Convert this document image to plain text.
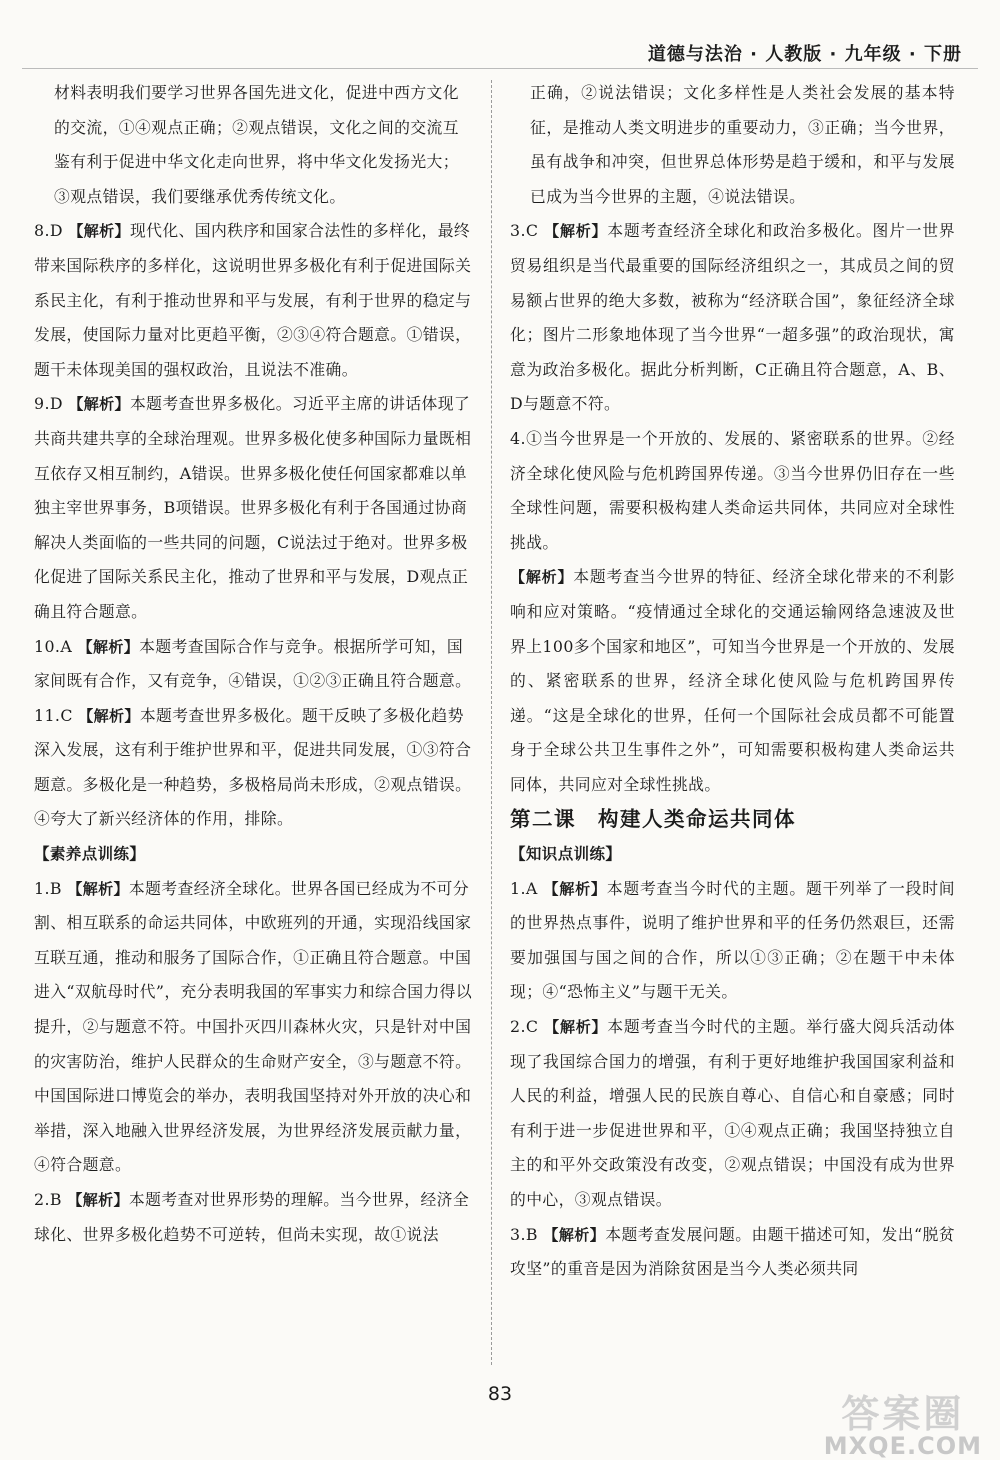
道德与法治 · 人教版 · 九年级 · 下册

材料表明我们要学习世界各国先进文化，促进中西方文化的交流，①④观点正确；②观点错误，文化之间的交流互鉴有利于促进中华文化走向世界，将中华文化发扬光大；③观点错误，我们要继承优秀传统文化。

8.D 【解析】现代化、国内秩序和国家合法性的多样化，最终带来国际秩序的多样化，这说明世界多极化有利于促进国际关系民主化，有利于推动世界和平与发展，有利于世界的稳定与发展，使国际力量对比更趋平衡，②③④符合题意。①错误，题干未体现美国的强权政治，且说法不准确。

9.D 【解析】本题考查世界多极化。习近平主席的讲话体现了共商共建共享的全球治理观。世界多极化使多种国际力量既相互依存又相互制约，A错误。世界多极化使任何国家都难以单独主宰世界事务，B项错误。世界多极化有利于各国通过协商解决人类面临的一些共同的问题，C说法过于绝对。世界多极化促进了国际关系民主化，推动了世界和平与发展，D观点正确且符合题意。

10.A 【解析】本题考查国际合作与竞争。根据所学可知，国家间既有合作，又有竞争，④错误，①②③正确且符合题意。

11.C 【解析】本题考查世界多极化。题干反映了多极化趋势深入发展，这有利于维护世界和平，促进共同发展，①③符合题意。多极化是一种趋势，多极格局尚未形成，②观点错误。④夸大了新兴经济体的作用，排除。

【素养点训练】

1.B 【解析】本题考查经济全球化。世界各国已经成为不可分割、相互联系的命运共同体，中欧班列的开通，实现沿线国家互联互通，推动和服务了国际合作，①正确且符合题意。中国进入“双航母时代”，充分表明我国的军事实力和综合国力得以提升，②与题意不符。中国扑灭四川森林火灾，只是针对中国的灾害防治，维护人民群众的生命财产安全，③与题意不符。中国国际进口博览会的举办，表明我国坚持对外开放的决心和举措，深入地融入世界经济发展，为世界经济发展贡献力量，④符合题意。

2.B 【解析】本题考查对世界形势的理解。当今世界，经济全球化、世界多极化趋势不可逆转，但尚未实现，故①说法

正确，②说法错误；文化多样性是人类社会发展的基本特征，是推动人类文明进步的重要动力，③正确；当今世界，虽有战争和冲突，但世界总体形势是趋于缓和，和平与发展已成为当今世界的主题，④说法错误。

3.C 【解析】本题考查经济全球化和政治多极化。图片一世界贸易组织是当代最重要的国际经济组织之一，其成员之间的贸易额占世界的绝大多数，被称为“经济联合国”，象征经济全球化；图片二形象地体现了当今世界“一超多强”的政治现状，寓意为政治多极化。据此分析判断，C正确且符合题意，A、B、D与题意不符。

4.①当今世界是一个开放的、发展的、紧密联系的世界。②经济全球化使风险与危机跨国界传递。③当今世界仍旧存在一些全球性问题，需要积极构建人类命运共同体，共同应对全球性挑战。

【解析】本题考查当今世界的特征、经济全球化带来的不利影响和应对策略。“疫情通过全球化的交通运输网络急速波及世界上100多个国家和地区”，可知当今世界是一个开放的、发展的、紧密联系的世界，经济全球化使风险与危机跨国界传递。“这是全球化的世界，任何一个国际社会成员都不可能置身于全球公共卫生事件之外”，可知需要积极构建人类命运共同体，共同应对全球性挑战。

第二课　构建人类命运共同体

【知识点训练】

1.A 【解析】本题考查当今时代的主题。题干列举了一段时间的世界热点事件，说明了维护世界和平的任务仍然艰巨，还需要加强国与国之间的合作，所以①③正确；②在题干中未体现；④“恐怖主义”与题干无关。

2.C 【解析】本题考查当今时代的主题。举行盛大阅兵活动体现了我国综合国力的增强，有利于更好地维护我国国家利益和人民的利益，增强人民的民族自尊心、自信心和自豪感；同时有利于进一步促进世界和平，①④观点正确；我国坚持独立自主的和平外交政策没有改变，②观点错误；中国没有成为世界的中心，③观点错误。

3.B 【解析】本题考查发展问题。由题干描述可知，发出“脱贫攻坚”的重音是因为消除贫困是当今人类必须共同

83	答案圈
MXQE.COM
